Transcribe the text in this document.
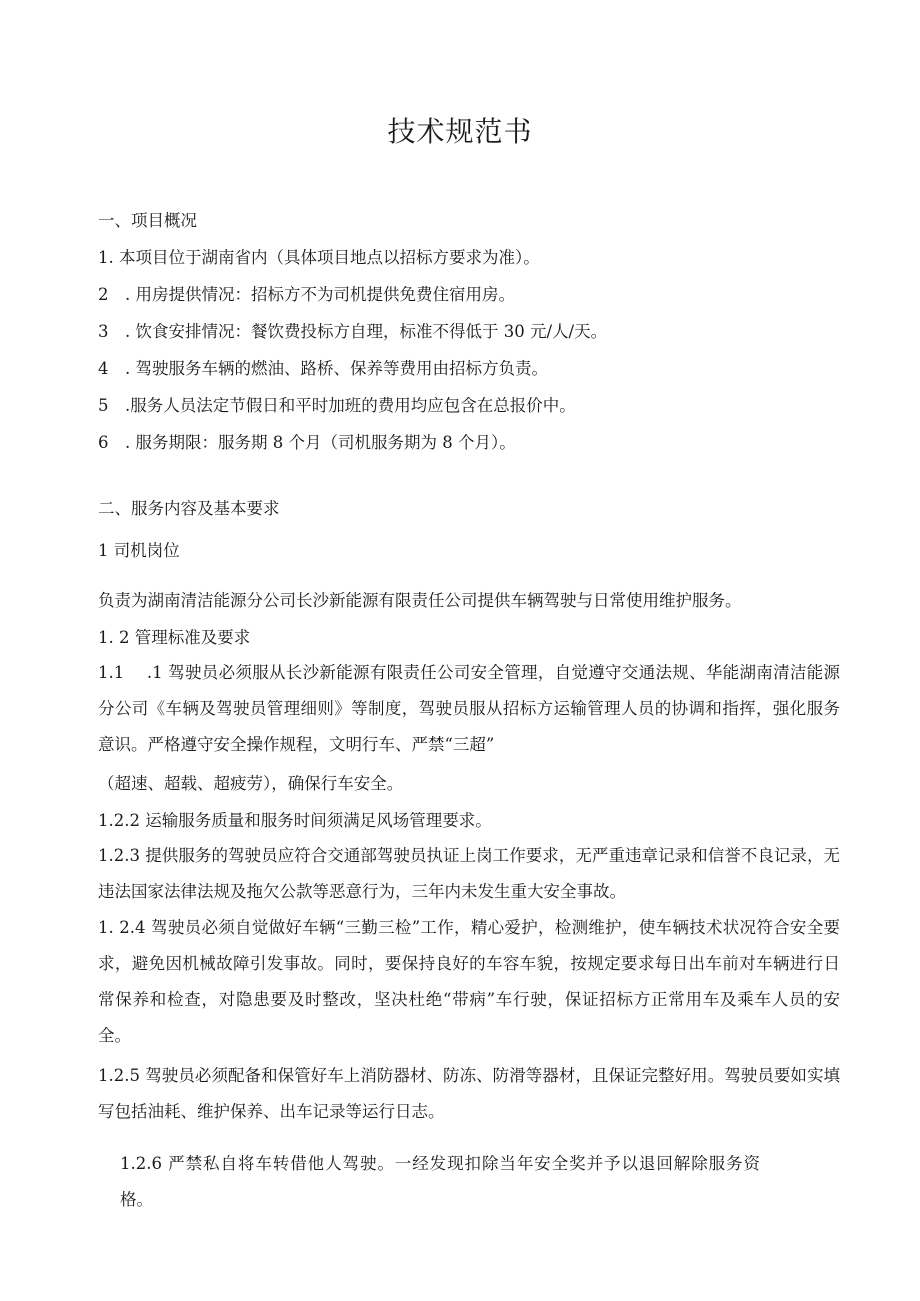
技术规范书
一、项目概况
1. 本项目位于湖南省内（具体项目地点以招标方要求为准）。
2　. 用房提供情况：招标方不为司机提供免费住宿用房。
3　. 饮食安排情况：餐饮费投标方自理，标准不得低于 30 元/人/天。
4　. 驾驶服务车辆的燃油、路桥、保养等费用由招标方负责。
5　.服务人员法定节假日和平时加班的费用均应包含在总报价中。
6　. 服务期限：服务期 8 个月（司机服务期为 8 个月）。
二、服务内容及基本要求
1 司机岗位
负责为湖南清洁能源分公司长沙新能源有限责任公司提供车辆驾驶与日常使用维护服务。
1. 2 管理标准及要求
1.1　 .1 驾驶员必须服从长沙新能源有限责任公司安全管理，自觉遵守交通法规、华能湖南清洁能源分公司《车辆及驾驶员管理细则》等制度，驾驶员服从招标方运输管理人员的协调和指挥，强化服务意识。严格遵守安全操作规程，文明行车、严禁“三超”
（超速、超载、超疲劳），确保行车安全。
1.2.2 运输服务质量和服务时间须满足风场管理要求。
1.2.3 提供服务的驾驶员应符合交通部驾驶员执证上岗工作要求，无严重违章记录和信誉不良记录，无违法国家法律法规及拖欠公款等恶意行为，三年内未发生重大安全事故。
1. 2.4 驾驶员必须自觉做好车辆“三勤三检”工作，精心爱护，检测维护，使车辆技术状况符合安全要求，避免因机械故障引发事故。同时，要保持良好的车容车貌，按规定要求每日出车前对车辆进行日常保养和检查，对隐患要及时整改，坚决杜绝“带病”车行驶，保证招标方正常用车及乘车人员的安全。
1.2.5 驾驶员必须配备和保管好车上消防器材、防冻、防滑等器材，且保证完整好用。驾驶员要如实填写包括油耗、维护保养、出车记录等运行日志。
1.2.6 严禁私自将车转借他人驾驶。一经发现扣除当年安全奖并予以退回解除服务资格。
